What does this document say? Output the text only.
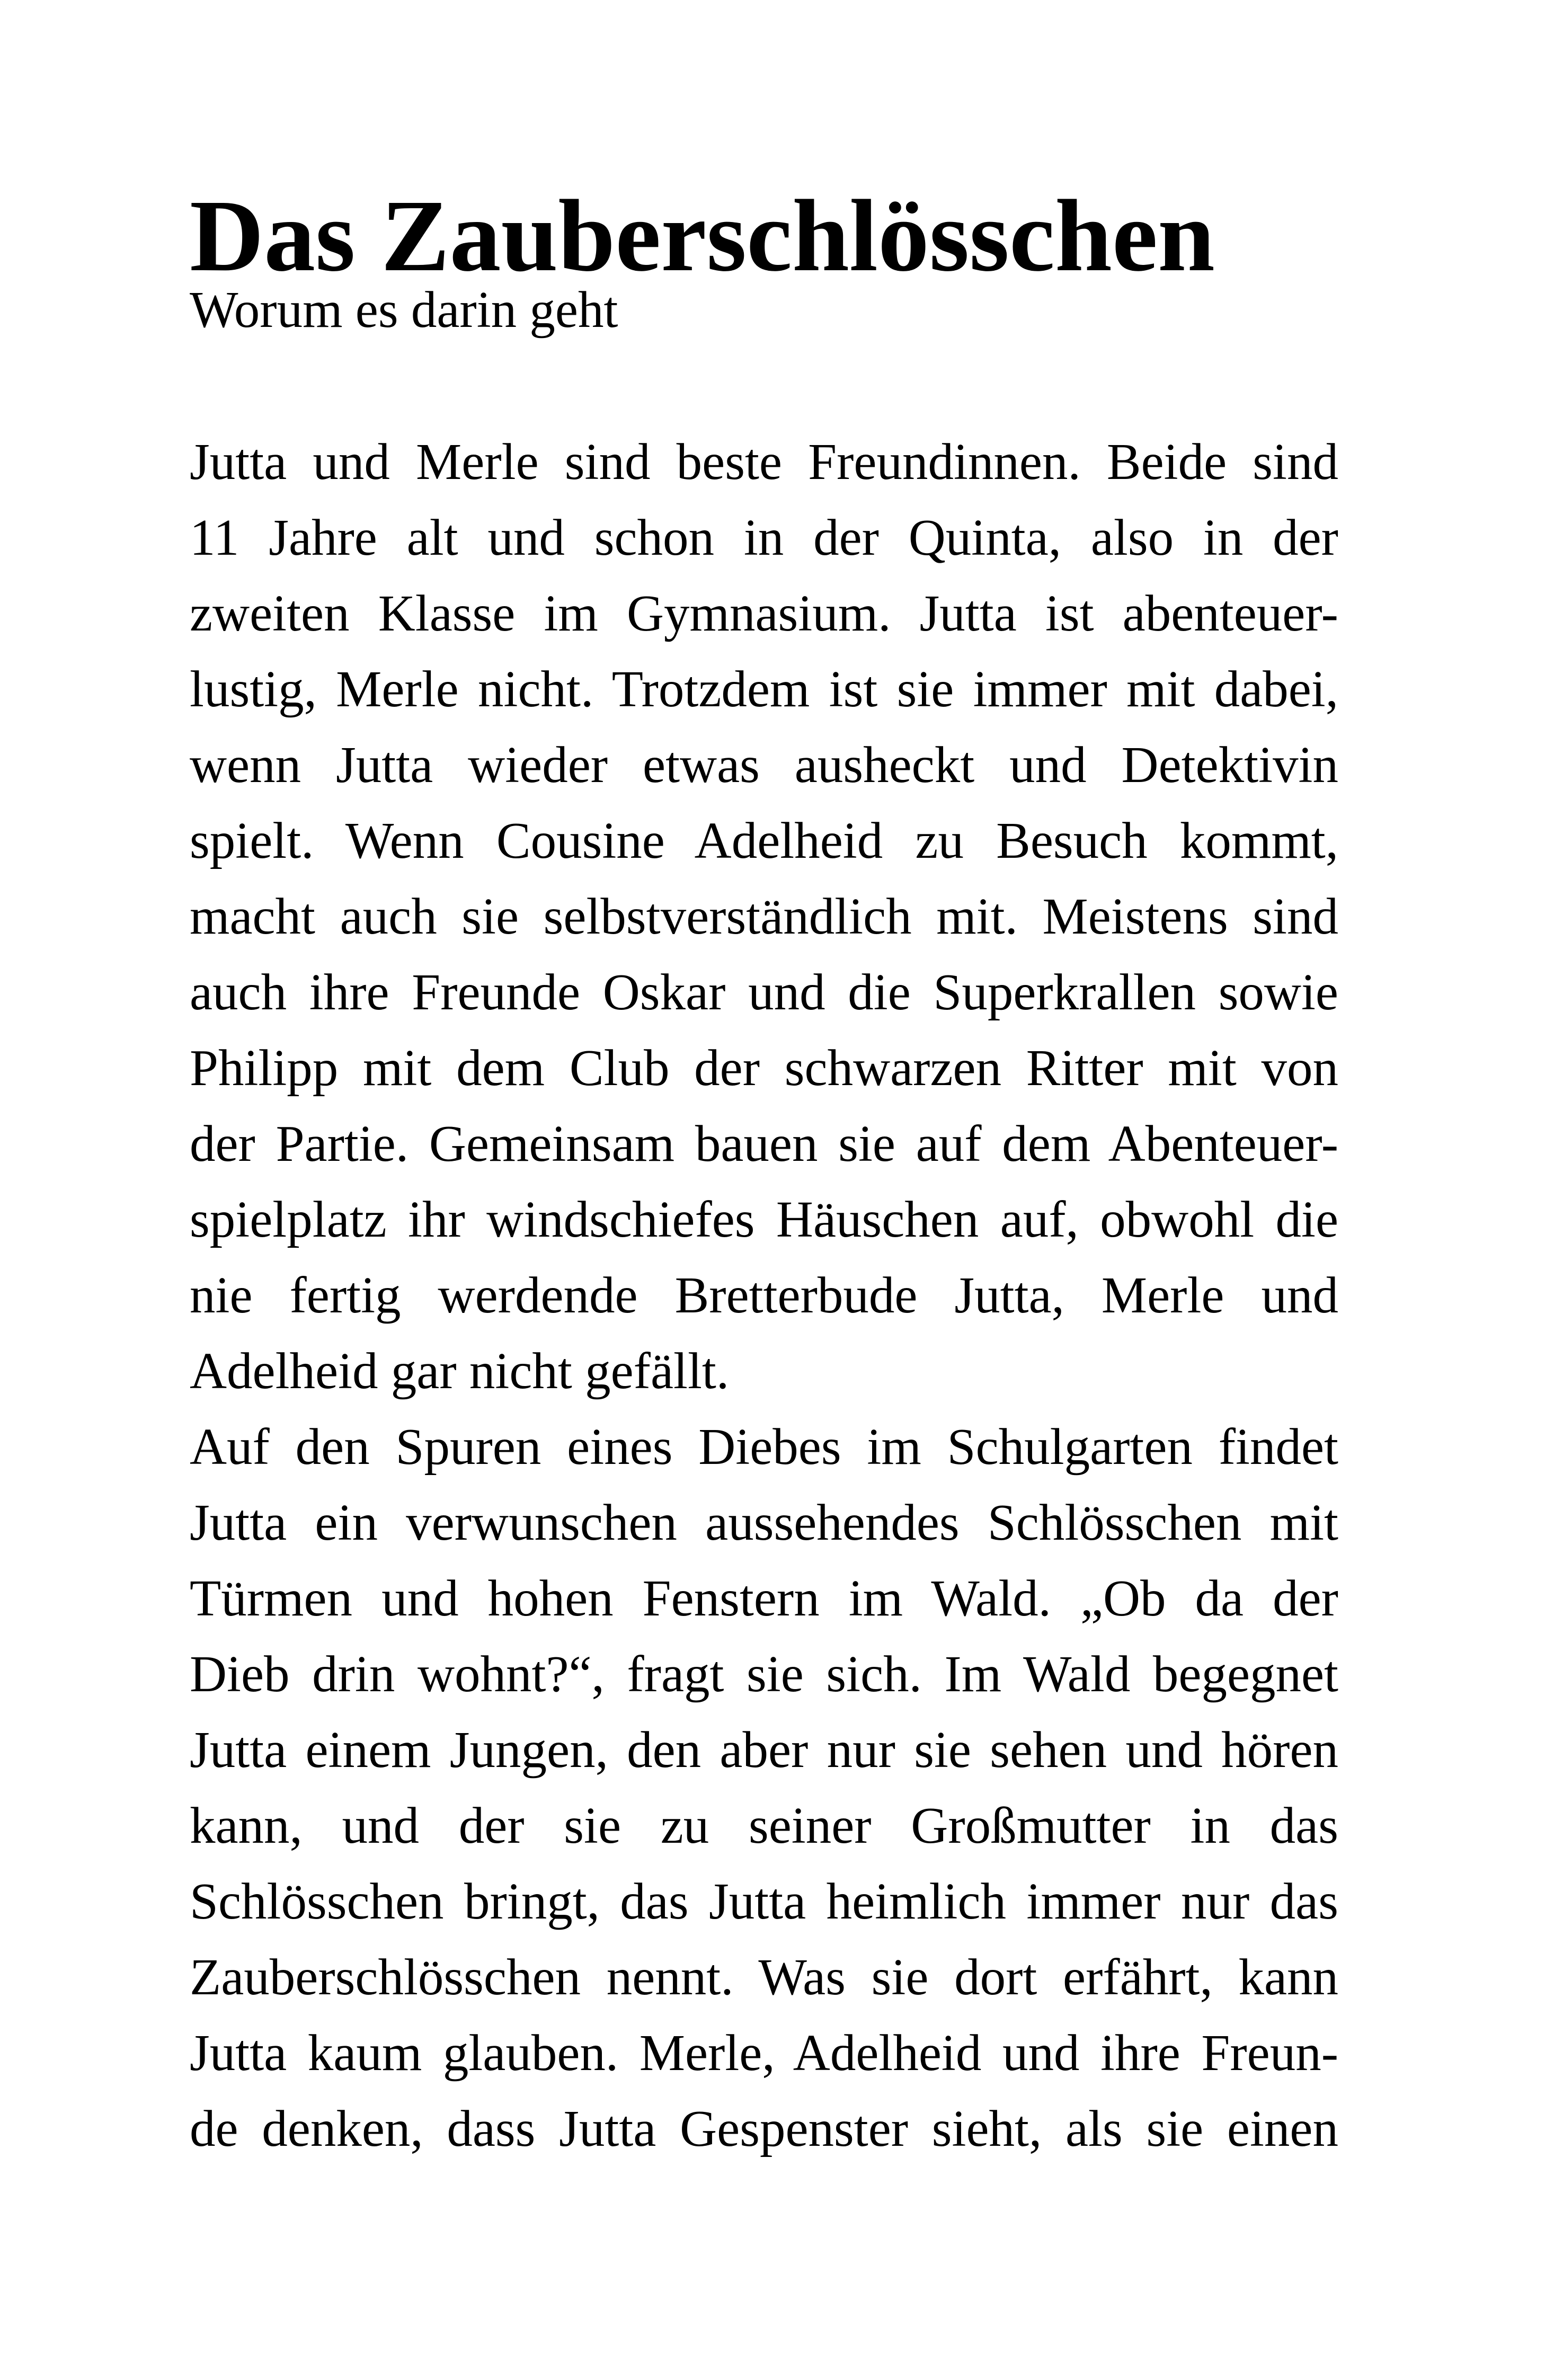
Das Zauberschlösschen
Worum es darin geht
Jutta und Merle sind beste Freundinnen. Beide sind
11 Jahre alt und schon in der Quinta, also in der
zweiten Klasse im Gymnasium. Jutta ist abenteuer-
lustig, Merle nicht. Trotzdem ist sie immer mit dabei,
wenn Jutta wieder etwas ausheckt und Detektivin
spielt. Wenn Cousine Adelheid zu Besuch kommt,
macht auch sie selbstverständlich mit. Meistens sind
auch ihre Freunde Oskar und die Superkrallen sowie
Philipp mit dem Club der schwarzen Ritter mit von
der Partie. Gemeinsam bauen sie auf dem Abenteuer-
spielplatz ihr windschiefes Häuschen auf, obwohl die
nie fertig werdende Bretterbude Jutta, Merle und
Adelheid gar nicht gefällt.
Auf den Spuren eines Diebes im Schulgarten findet
Jutta ein verwunschen aussehendes Schlösschen mit
Türmen und hohen Fenstern im Wald. „Ob da der
Dieb drin wohnt?“, fragt sie sich. Im Wald begegnet
Jutta einem Jungen, den aber nur sie sehen und hören
kann, und der sie zu seiner Großmutter in das
Schlösschen bringt, das Jutta heimlich immer nur das
Zauberschlösschen nennt. Was sie dort erfährt, kann
Jutta kaum glauben. Merle, Adelheid und ihre Freun-
de denken, dass Jutta Gespenster sieht, als sie einen
